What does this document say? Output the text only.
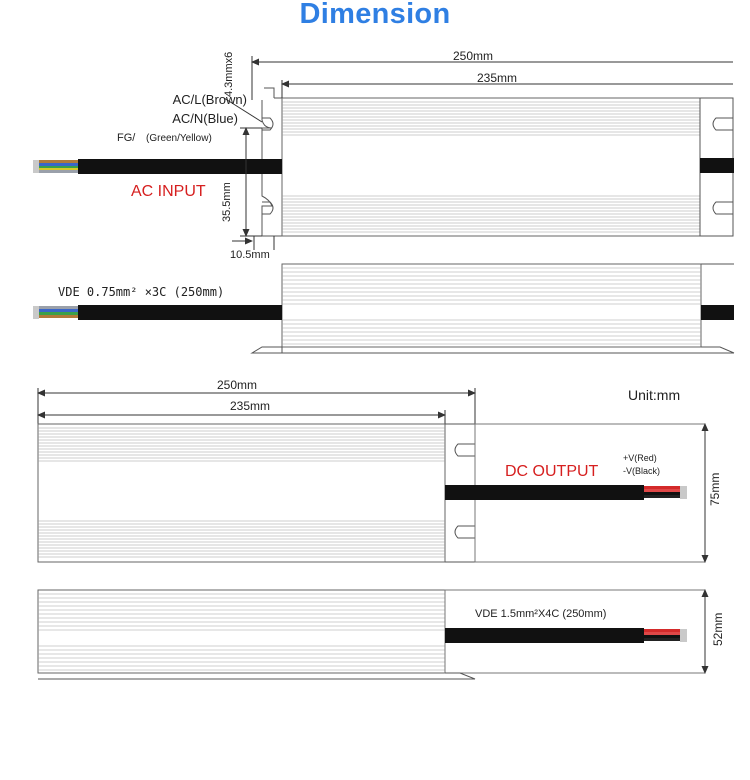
Dimension
250mm
235mm
4.3mmx6
AC/L(Brown)
AC/N(Blue)
FG/ (Green/Yellow)
AC INPUT 35.5mm
10.5mm
VDE 0.75mm² ×3C (250mm)
250mm
235mm
Unit:mm
DC OUTPUT
+V(Red)
-V(Black)
75mm
VDE 1.5mm²X4C (250mm)	52mm
